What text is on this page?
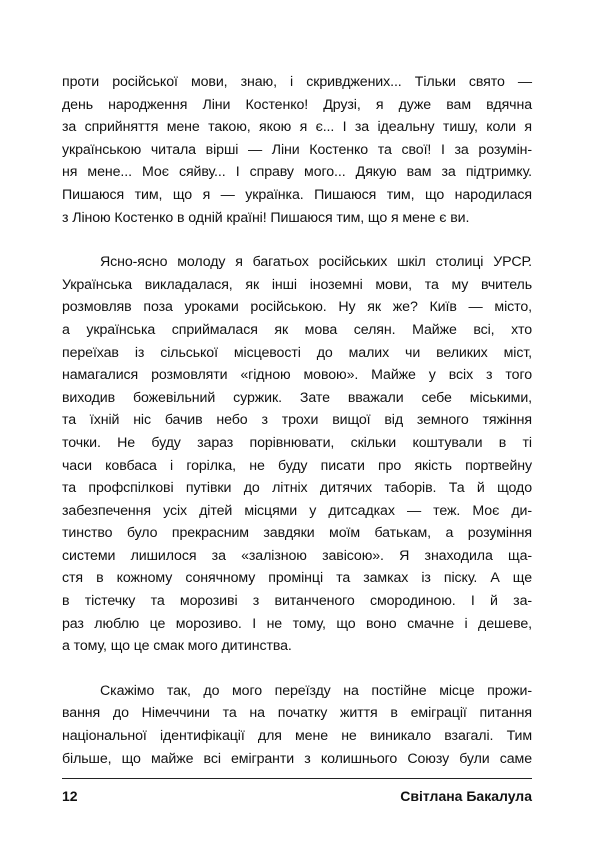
проти російської мови, знаю, і скривджених... Тільки свято —
день народження Ліни Костенко! Друзі, я дуже вам вдячна
за сприйняття мене такою, якою я є... І за ідеальну тишу, коли я
українською читала вірші — Ліни Костенко та свої! І за розумін-
ня мене... Моє сяйву... І справу мого... Дякую вам за підтримку.
Пишаюся тим, що я — українка. Пишаюся тим, що народилася
з Ліною Костенко в одній країні! Пишаюся тим, що я мене є ви.

Ясно-ясно молоду я багатьох російських шкіл столиці УРСР.
Українська викладалася, як інші іноземні мови, та му вчитель
розмовляв поза уроками російською. Ну як же? Київ — місто,
а українська сприймалася як мова селян. Майже всі, хто
переїхав із сільської місцевості до малих чи великих міст,
намагалися розмовляти «гідною мовою». Майже у всіх з того
виходив божевільний суржик. Зате вважали себе міськими,
та їхній ніс бачив небо з трохи вищої від земного тяжіння
точки. Не буду зараз порівнювати, скільки коштували в ті
часи ковбаса і горілка, не буду писати про якість портвейну
та профспілкові путівки до літніх дитячих таборів. Та й щодо
забезпечення усіх дітей місцями у дитсадках — теж. Моє ди-
тинство було прекрасним завдяки моїм батькам, а розуміння
системи лишилося за «залізною завісою». Я знаходила ща-
стя в кожному сонячному промінці та замках із піску. А ще
в тістечку та морозиві з витанченого смородиною. І й за-
раз люблю це морозиво. І не тому, що воно смачне і дешеве,
а тому, що це смак мого дитинства.

Скажімо так, до мого переїзду на постійне місце прожи-
вання до Німеччини та на початку життя в еміграції питання
національної ідентифікації для мене не виникало взагалі. Тим
більше, що майже всі емігранти з колишнього Союзу були саме

12	Світлана Бакалула
